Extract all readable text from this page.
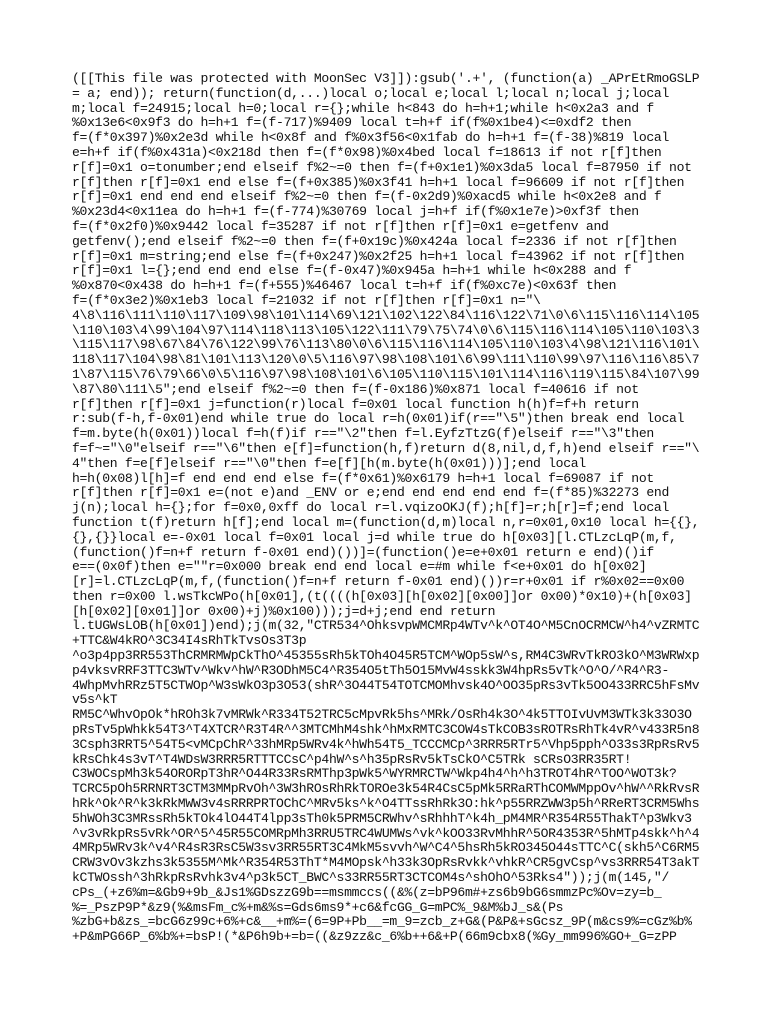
([[This file was protected with MoonSec V3]]):gsub('.+', (function(a) _APrEtRmoGSLP
= a; end)); return(function(d,...)local o;local e;local l;local n;local j;local
m;local f=24915;local h=0;local r={};while h<843 do h=h+1;while h<0x2a3 and f
%0x13e6<0x9f3 do h=h+1 f=(f-717)%9409 local t=h+f if(f%0x1be4)<=0xdf2 then
f=(f*0x397)%0x2e3d while h<0x8f and f%0x3f56<0x1fab do h=h+1 f=(f-38)%819 local
e=h+f if(f%0x431a)<0x218d then f=(f*0x98)%0x4bed local f=18613 if not r[f]then
r[f]=0x1 o=tonumber;end elseif f%2~=0 then f=(f+0x1e1)%0x3da5 local f=87950 if not
r[f]then r[f]=0x1 end else f=(f+0x385)%0x3f41 h=h+1 local f=96609 if not r[f]then
r[f]=0x1 end end end elseif f%2~=0 then f=(f-0x2d9)%0xacd5 while h<0x2e8 and f
%0x23d4<0x11ea do h=h+1 f=(f-774)%30769 local j=h+f if(f%0x1e7e)>0xf3f then
f=(f*0x2f0)%0x9442 local f=35287 if not r[f]then r[f]=0x1 e=getfenv and
getfenv();end elseif f%2~=0 then f=(f+0x19c)%0x424a local f=2336 if not r[f]then
r[f]=0x1 m=string;end else f=(f+0x247)%0x2f25 h=h+1 local f=43962 if not r[f]then
r[f]=0x1 l={};end end end else f=(f-0x47)%0x945a h=h+1 while h<0x288 and f
%0x870<0x438 do h=h+1 f=(f+555)%46467 local t=h+f if(f%0xc7e)<0x63f then
f=(f*0x3e2)%0x1eb3 local f=21032 if not r[f]then r[f]=0x1 n="\
4\8\116\111\110\117\109\98\101\114\69\121\102\122\84\116\122\71\0\6\115\116\114\105
\110\103\4\99\104\97\114\118\113\105\122\111\79\75\74\0\6\115\116\114\105\110\103\3
\115\117\98\67\84\76\122\99\76\113\80\0\6\115\116\114\105\110\103\4\98\121\116\101\
118\117\104\98\81\101\113\120\0\5\116\97\98\108\101\6\99\111\110\99\97\116\116\85\7
1\87\115\76\79\66\0\5\116\97\98\108\101\6\105\110\115\101\114\116\119\115\84\107\99
\87\80\111\5";end elseif f%2~=0 then f=(f-0x186)%0x871 local f=40616 if not
r[f]then r[f]=0x1 j=function(r)local f=0x01 local function h(h)f=f+h return
r:sub(f-h,f-0x01)end while true do local r=h(0x01)if(r=="\5")then break end local
f=m.byte(h(0x01))local f=h(f)if r=="\2"then f=l.EyfzTtzG(f)elseif r=="\3"then
f=f~="\0"elseif r=="\6"then e[f]=function(h,f)return d(8,nil,d,f,h)end elseif r=="\
4"then f=e[f]elseif r=="\0"then f=e[f][h(m.byte(h(0x01)))];end local
h=h(0x08)l[h]=f end end end else f=(f*0x61)%0x6179 h=h+1 local f=69087 if not
r[f]then r[f]=0x1 e=(not e)and _ENV or e;end end end end end f=(f*85)%32273 end
j(n);local h={};for f=0x0,0xff do local r=l.vqizoOKJ(f);h[f]=r;h[r]=f;end local
function t(f)return h[f];end local m=(function(d,m)local n,r=0x01,0x10 local h={{},
{},{}}local e=-0x01 local f=0x01 local j=d while true do h[0x03][l.CTLzcLqP(m,f,
(function()f=n+f return f-0x01 end)())]=(function()e=e+0x01 return e end)()if
e==(0x0f)then e=""r=0x000 break end end local e=#m while f<e+0x01 do h[0x02]
[r]=l.CTLzcLqP(m,f,(function()f=n+f return f-0x01 end)())r=r+0x01 if r%0x02==0x00
then r=0x00 l.wsTkcWPo(h[0x01],(t((((h[0x03][h[0x02][0x00]]or 0x00)*0x10)+(h[0x03]
[h[0x02][0x01]]or 0x00)+j)%0x100)));j=d+j;end end return
l.tUGWsLOB(h[0x01])end);j(m(32,"CTR534^OhksvpWMCMRp4WTv^k^OT4O^M5CnOCRMCW^h4^vZRMTC
+TTC&W4kRO^3C34I4sRhTkTvsOs3T3p
^o3p4pp3RR553ThCRMRMWpCkThO^45355sRh5kTOh4O45R5TCM^WOp5sW^s,RM4C3WRvTkRO3kO^M3WRWxp
p4vksvRRF3TTC3WTv^Wkv^hW^R3ODhM5C4^R354O5tTh5O15MvW4sskk3W4hpRs5vTk^O^O/^R4^R3-
4WhpMvhRRz5T5CTWOp^W3sWkO3p3O53(shR^3O44T54TOTCMOMhvsk4O^OO35pRs3vTk5OO433RRC5hFsMv
v5s^kT
RM5C^WhvOpOk*hROh3k7vMRWk^R334T52TRC5cMpvRk5hs^MRk/OsRh4k3O^4k5TTOIvUvM3WTk3k33O3O
pRsTv5pWhkk54T3^T4XTCR^R3T4R^^3MTCMhM4shk^hMxRMTC3COW4sTkCOB3sROTRsRhTk4vR^v433R5n8
3Csph3RRT5^54T5<vMCpChR^33hMRp5WRv4k^hWh54T5_TCCCMCp^3RRR5RTr5^Vhp5pph^O33s3RpRsRv5
kRsChk4s3vT^T4WDsW3RRR5RTTTCCsC^p4hW^s^h35pRsRv5kTsCkO^C5TRk sCRsO3RR35RT!
C3WOCspMh3k54ORORpT3hR^O44R33RsRMThp3pWk5^WYRMRCTW^Wkp4h4^h^h3TROT4hR^TOO^WOT3k?
TCRC5pOh5RRNRT3CTM3MMpRvOh^3W3hROsRhRkTOROe3k54R4CsC5pMk5RRaRThCOMWMppOv^hW^^RkRvsR
hRk^Ok^R^k3kRkMWW3v4sRRRPRTOChC^MRv5ks^k^O4TTssRhRk3O:hk^p55RRZWW3p5h^RReRT3CRM5Whs
5hWOh3C3MRssRh5kTOk4lO44T4lpp3sTh0k5PRM5CRWhv^sRhhhT^k4h_pM4MR^R354R55ThakT^p3Wkv3
^v3vRkpRs5vRk^OR^5^45R55COMRpMh3RRU5TRC4WUMWs^vk^kOO33RvMhhR^5OR4353R^5hMTp4skk^h^4
4MRp5WRv3k^v4^R4sR3RsC5W3sv3RR55RT3C4MkM5svvh^W^C4^5hsRh5kRO345O44sTTC^C(skh5^C6RM5
CRW3vOv3kzhs3k5355M^Mk^R354R53ThT*M4MOpsk^h33k3OpRsRvkk^vhkR^CR5gvCsp^vs3RRR54T3akT
kCTWOssh^3hRkpRsRvhk3v4^p3k5CT_BWC^s33RR55RT3CTCOM4s^shOhO^53Rks4"));j(m(145,"/
cPs_(+z6%m=&Gb9+9b_&Js1%GDszzG9b==msmmccs((&%(z=bP96m#+zs6b9bG6smmzPc%Ov=zy=b_
%=_PszP9P*&z9(%&msFm_c%+m&%s=Gds6ms9*+c6&fcGG_G=mPC%_9&M%bJ_s&(Ps
%zbG+b&zs_=bcG6z99c+6%+c&__+m%=(6=9P+Pb__=m_9=zcb_z+G&(P&P&+sGcsz_9P(m&cs9%=cGz%b%
+P&mPG66P_6%b%+=bsP!(*&P6h9b+=b=((&z9zz&c_6%b++6&+P(66m9cbx8(%Gy_mm996%GO+_G=zPP
